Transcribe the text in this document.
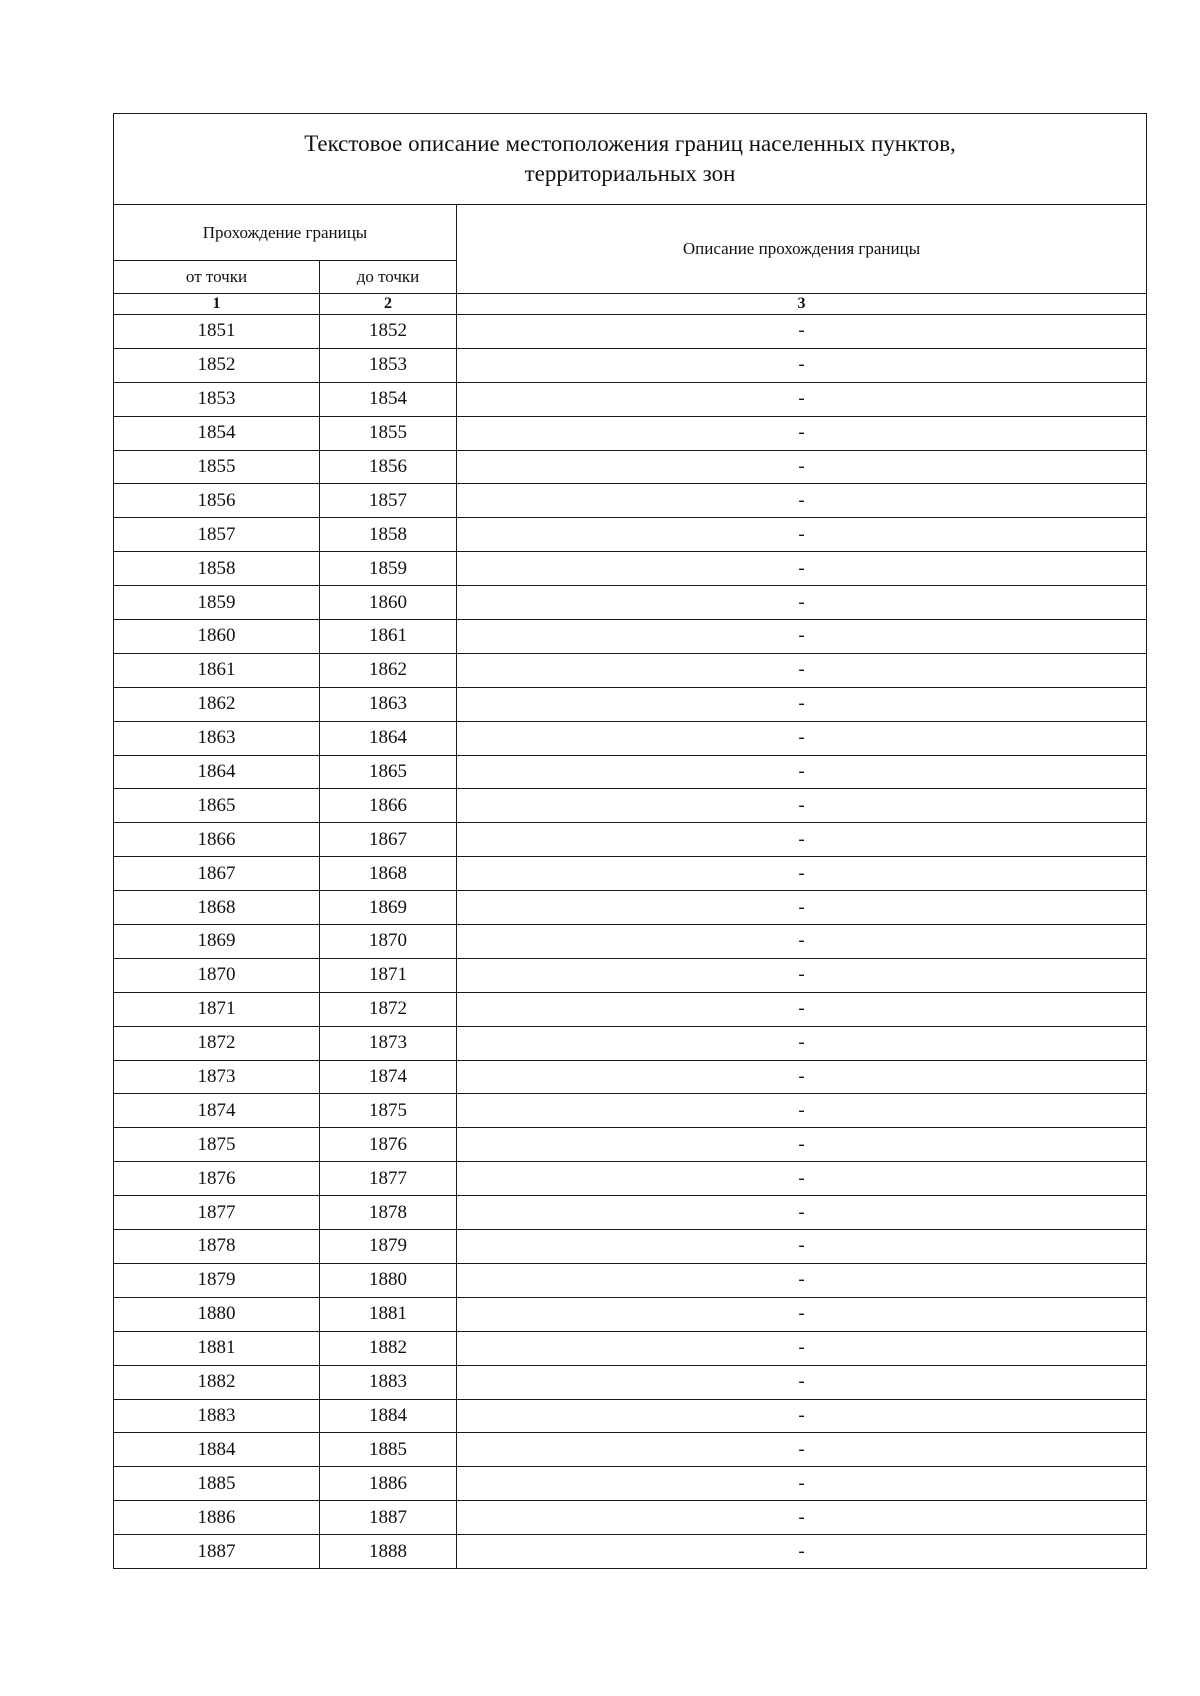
Текстовое описание местоположения границ населенных пунктов,
территориальных зон		

Прохождение границы		Описание прохождения границы
от точки	до точки	
1	2	3
1851	1852	-
1852	1853	-
1853	1854	-
1854	1855	-
1855	1856	-
1856	1857	-
1857	1858	-
1858	1859	-
1859	1860	-
1860	1861	-
1861	1862	-
1862	1863	-
1863	1864	-
1864	1865	-
1865	1866	-
1866	1867	-
1867	1868	-
1868	1869	-
1869	1870	-
1870	1871	-
1871	1872	-
1872	1873	-
1873	1874	-
1874	1875	-
1875	1876	-
1876	1877	-
1877	1878	-
1878	1879	-
1879	1880	-
1880	1881	-
1881	1882	-
1882	1883	-
1883	1884	-
1884	1885	-
1885	1886	-
1886	1887	-
1887	1888	-
